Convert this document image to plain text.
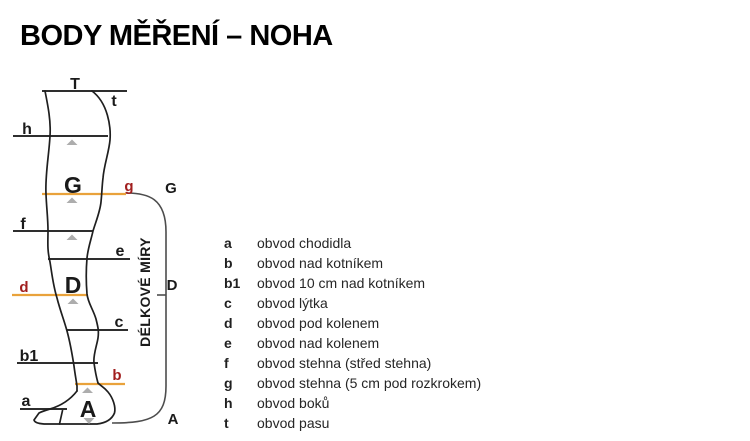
BODY MĚŘENÍ – NOHA
T
t
h
G	g
f
e
d D
c
b1
b
a A
G
D
A
DÉLKOVÉ MÍRY	a	obvod chodidla
b	obvod nad kotníkem
b1	obvod 10 cm nad kotníkem
c	obvod lýtka
d	obvod pod kolenem
e	obvod nad kolenem
f	obvod stehna (střed stehna)
g	obvod stehna (5 cm pod rozkrokem)
h	obvod boků
t	obvod pasu
